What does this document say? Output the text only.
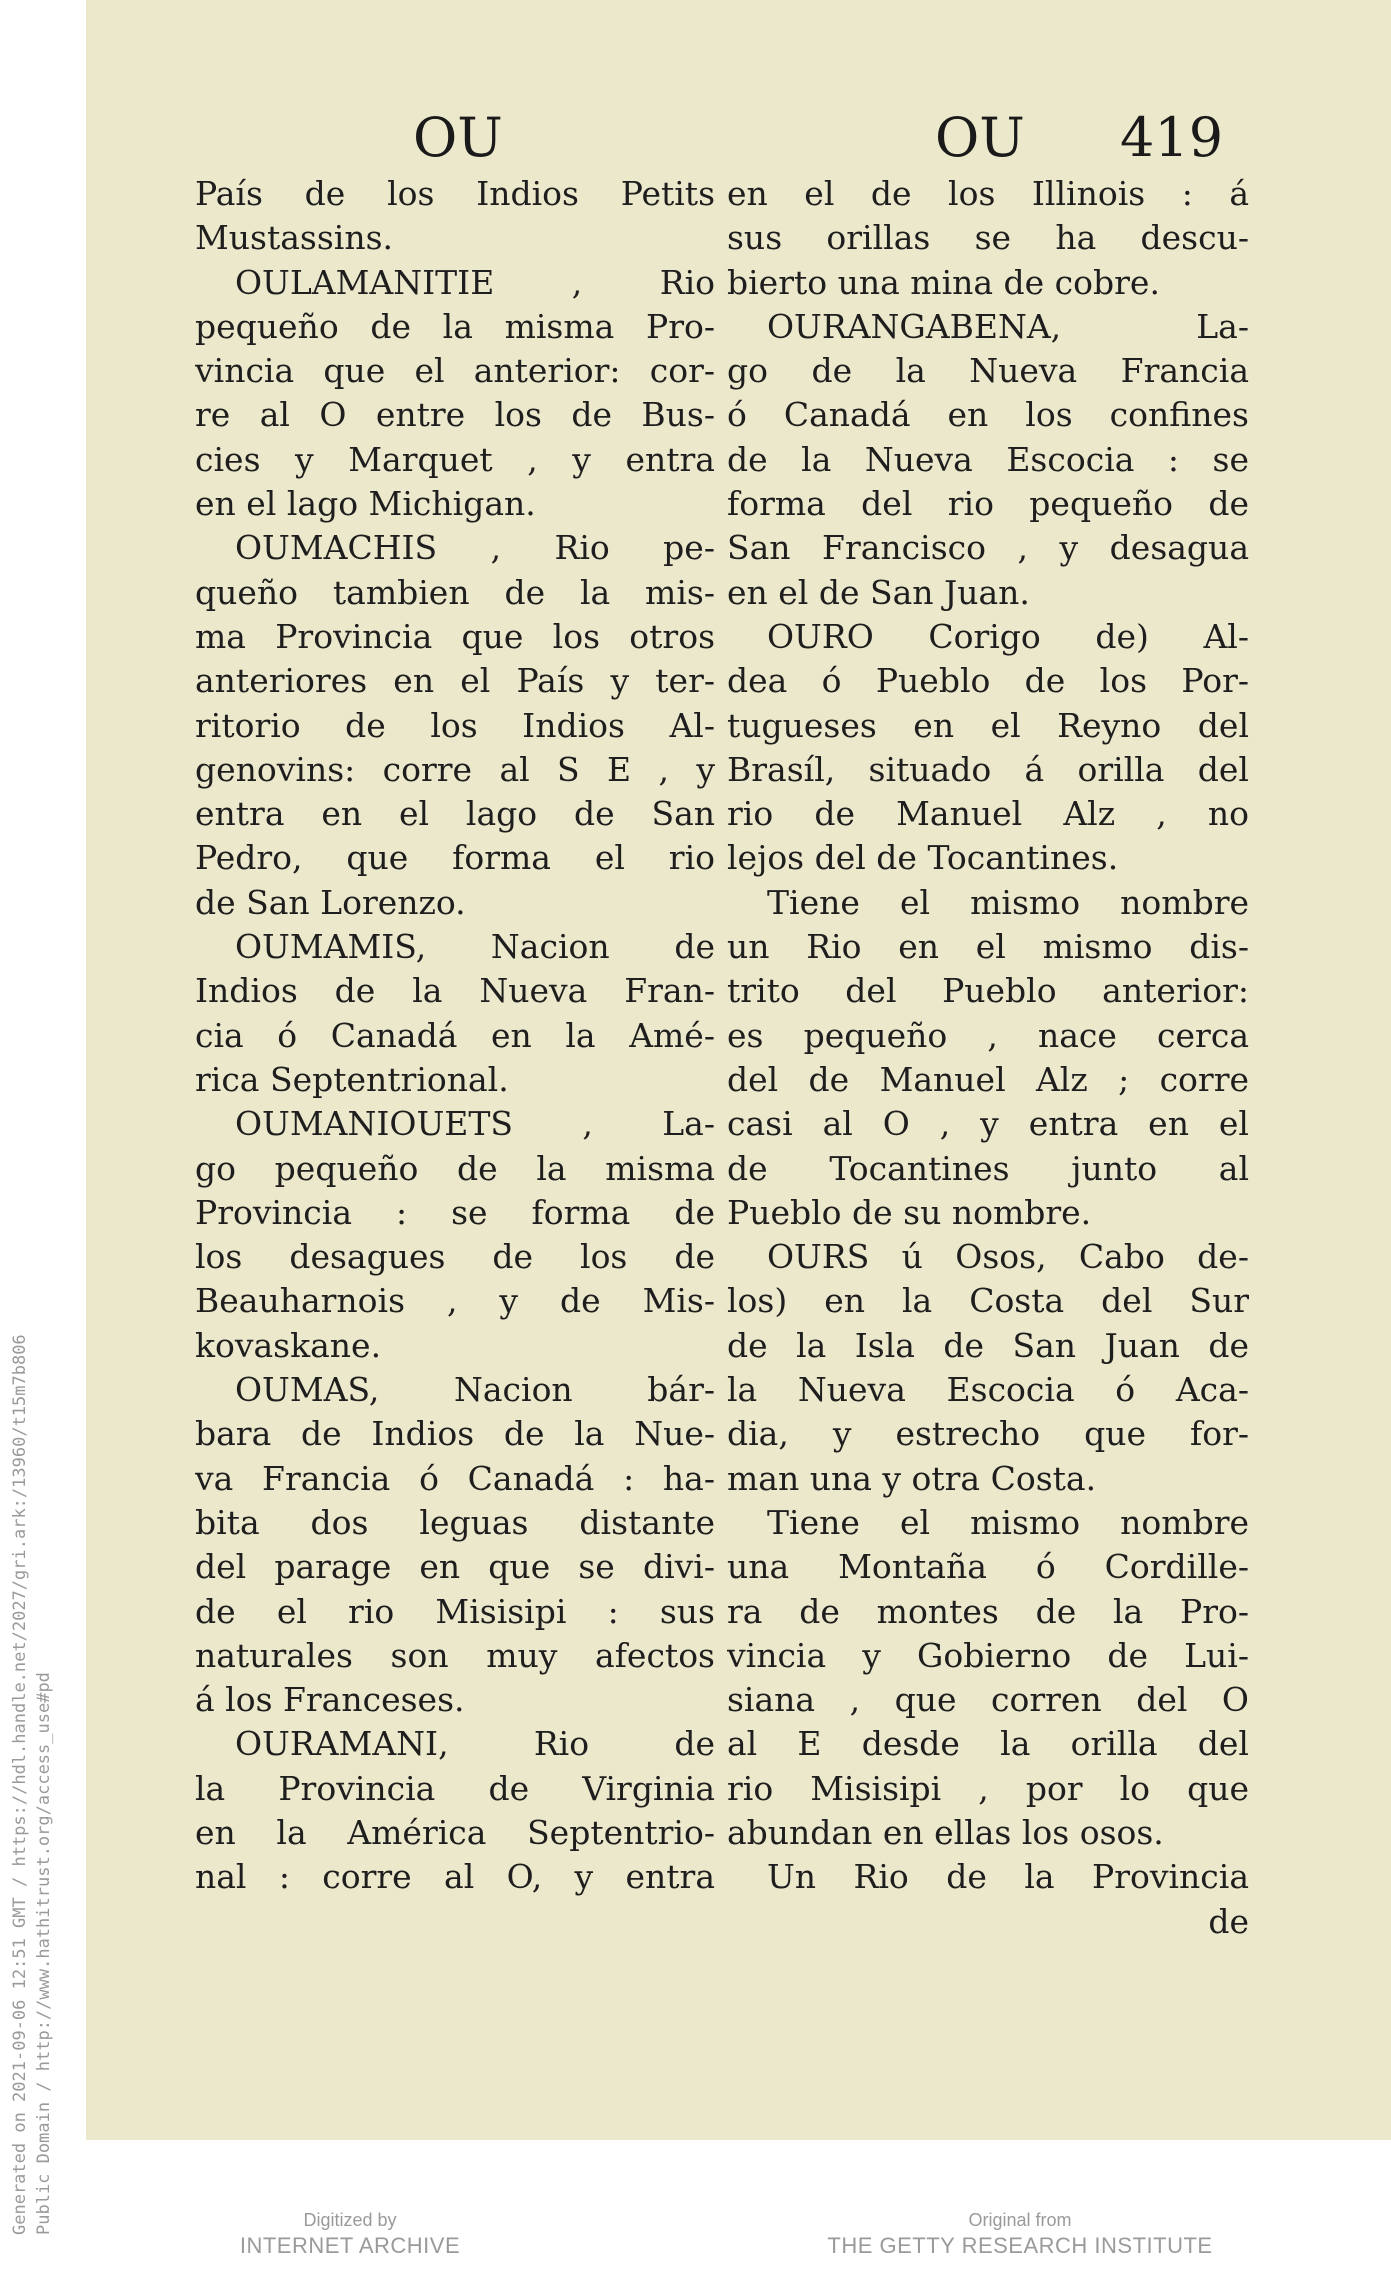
Generated on 2021-09-06 12:51 GMT / https://hdl.handle.net/2027/gri.ark:/13960/t15m7b806 Public Domain / http://www.hathitrust.org/access_use#pd
OU	OU 419
País de los Indios Petits
Mustassins.
OULAMANITIE , Rio
pequeño de la misma Pro-
vincia que el anterior: cor-
re al O entre los de Bus-
cies y Marquet , y entra
en el lago Michigan.
OUMACHIS , Rio pe-
queño tambien de la mis-
ma Provincia que los otros
anteriores en el País y ter-
ritorio de los Indios Al-
genovins: corre al S E , y
entra en el lago de San
Pedro, que forma el rio
de San Lorenzo.
OUMAMIS, Nacion de
Indios de la Nueva Fran-
cia ó Canadá en la Amé-
rica Septentrional.
OUMANIOUETS , La-
go pequeño de la misma
Provincia : se forma de
los desagues de los de
Beauharnois , y de Mis-
kovaskane.
OUMAS, Nacion bár-
bara de Indios de la Nue-
va Francia ó Canadá : ha-
bita dos leguas distante
del parage en que se divi-
de el rio Misisipi : sus
naturales son muy afectos
á los Franceses.
OURAMANI, Rio de
la Provincia de Virginia
en la América Septentrio-
nal : corre al O, y entra
en el de los Illinois : á
sus orillas se ha descu-
bierto una mina de cobre.
OURANGABENA, La-
go de la Nueva Francia
ó Canadá en los confines
de la Nueva Escocia : se
forma del rio pequeño de
San Francisco , y desagua
en el de San Juan.
OURO Corigo de) Al-
dea ó Pueblo de los Por-
tugueses en el Reyno del
Brasíl, situado á orilla del
rio de Manuel Alz , no
lejos del de Tocantines.
Tiene el mismo nombre
un Rio en el mismo dis-
trito del Pueblo anterior:
es pequeño , nace cerca
del de Manuel Alz ; corre
casi al O , y entra en el
de Tocantines junto al
Pueblo de su nombre.
OURS ú Osos, Cabo de-
los) en la Costa del Sur
de la Isla de San Juan de
la Nueva Escocia ó Aca-
dia, y estrecho que for-
man una y otra Costa.
Tiene el mismo nombre
una Montaña ó Cordille-
ra de montes de la Pro-
vincia y Gobierno de Lui-
siana , que corren del O
al E desde la orilla del
rio Misisipi , por lo que
abundan en ellas los osos.
Un Rio de la Provincia
de
Digitized by
INTERNET ARCHIVE
Original from
THE GETTY RESEARCH INSTITUTE
